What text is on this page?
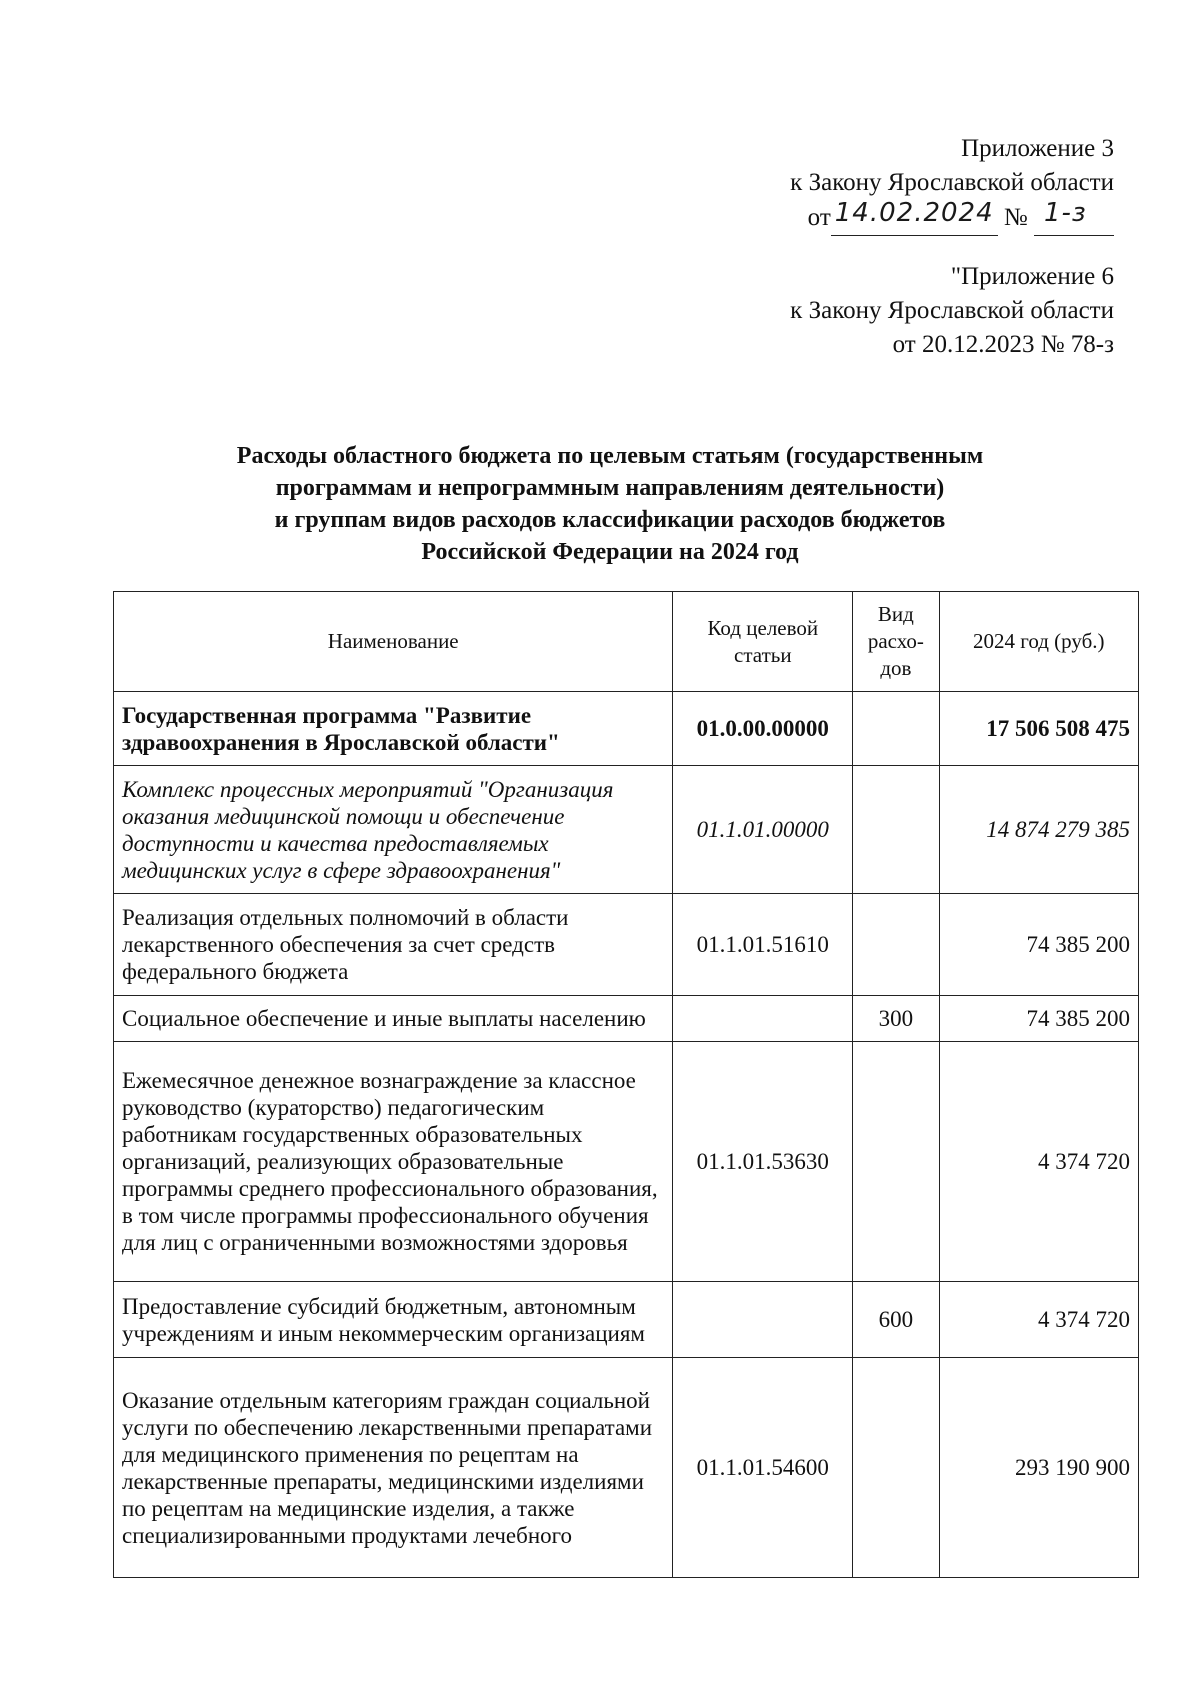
Приложение 3
к Закону Ярославской области
от 14.02.2024 № 1-з
"Приложение 6
к Закону Ярославской области
от 20.12.2023 № 78-з
Расходы областного бюджета по целевым статьям (государственным
программам и непрограммным направлениям деятельности)
и группам видов расходов классификации расходов бюджетов
Российской Федерации на 2024 год
Наименование	Код целевой статьи	Вид расхо-дов	2024 год (руб.)
Государственная программа "Развитие здравоохранения в Ярославской области"	01.0.00.00000		17 506 508 475
Комплекс процессных мероприятий "Организация оказания медицинской помощи и обеспечение доступности и качества предоставляемых медицинских услуг в сфере здравоохранения"	01.1.01.00000		14 874 279 385
Реализация отдельных полномочий в области лекарственного обеспечения за счет средств федерального бюджета	01.1.01.51610		74 385 200
Социальное обеспечение и иные выплаты населению		300	74 385 200
Ежемесячное денежное вознаграждение за классное руководство (кураторство) педагогическим работникам государственных образовательных организаций, реализующих образовательные программы среднего профессионального образования, в том числе программы профессионального обучения для лиц с ограниченными возможностями здоровья	01.1.01.53630		4 374 720
Предоставление субсидий бюджетным, автономным учреждениям и иным некоммерческим организациям		600	4 374 720
Оказание отдельным категориям граждан социальной услуги по обеспечению лекарственными препаратами для медицинского применения по рецептам на лекарственные препараты, медицинскими изделиями по рецептам на медицинские изделия, а также специализированными продуктами лечебного	01.1.01.54600		293 190 900
